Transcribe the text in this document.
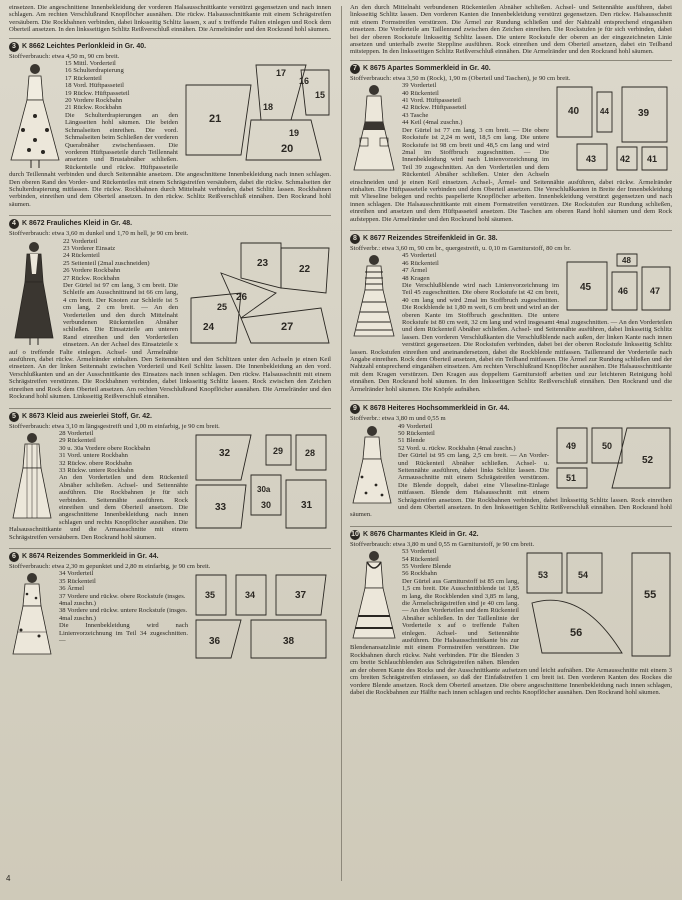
einsetzen. Die angeschnittene Innenbekleidung der vorderen Halsausschnittkante verstürzt gegensetzen und nach innen schlagen. Am rechten Verschlußrand Knopflöcher ausnähen. Die rückw. Halsausschnittkante mit einem Schrägstreifen versäubern. Die Rockbahnen verbinden, dabei linksseitig Schlitz lassen, x auf x treffende Falten einlegen und Rock dem Oberteil ansetzen. In den linksseitigen Schlitz Reißverschluß einnähen. Die Armelränder und den Rockrand hohl säumen.

3 K 8662 Leichtes Perlonkleid in Gr. 40.
Stoffverbrauch: etwa 4,50 m, 90 cm breit.
17
16
15
18
19
21
20
15 Mittl. Vorderteil
16 Schulterdrapierung
17 Rückenteil
18 Vord. Hüftpasseteil
19 Rückw. Hüftpasseteil
20 Vordere Rockbahn
21 Rückw. Rockbahn

Die Schulterdrapierungen an den Längsseiten hohl säumen. Die beiden Schmalseiten einreihen. Die vord. Schmalseiten beim Schließen der vorderen Querabnäher zwischenfassen. Die vorderen Hüftpasseteile durch Teillennaht ansetzen und Brustabnäher schließen. Rückenteile und rückw. Hüftpasseteile durch Teillennaht verbinden und durch Seitennähte ansetzen. Die angeschnittene Innenbekleidung nach innen schlagen. Den oberen Rand des Vorder- und Rückenteiles mit einem Schrägstreifen versäubern, dabei die rückw. Schmalseiten der Schulterdrapierung mitfassen. Die rückw. Rockbahnen durch Mittelnaht verbinden, dabei Schlitz lassen. Rockbahnen verbinden, einreihen und dem Oberteil ansetzen. In den rückw. Schlitz Reißverschluß einnähen. Den Rockrand hohl säumen.

4 K 8672 Frauliches Kleid in Gr. 48.
Stoffverbrauch: etwa 3,60 m dunkel und 1,70 m hell, je 90 cm breit.
23
22
26
25
24	27
22 Vorderteil
23 Vorderer Einsatz
24 Rückenteil
25 Seitenteil (2mal zuschneiden)
26 Vordere Rockbahn
27 Rückw. Rockbahn

Der Gürtel ist 97 cm lang, 3 cm breit. Die Schleife am Ausschnittrand ist 66 cm lang, 4 cm breit. Der Knoten zur Schleife ist 5 cm lang, 2 cm breit. — An den Vorderteilen und den durch Mittelnaht verbundenen Rückenteilen Abnäher schließen. Die Einsatzteile am unteren Rand einreihen und den Vorderteilen einsetzen. An der Achsel des Einsatzteile x auf o treffende Falte einlegen. Achsel- und Ärmelnähte ausführen, dabei rückw. Ärmelränder einhalten. Den Seitennähten und den Schlitzen unter den Achseln je einen Keil einsetzen. An der linken Seitennaht zwischen Vorderteil und Keil Schlitz lassen. Die Innenbekleidung an den vord. Verschlußkanten und an der Ausschnittkante des Einsatzes nach innen schlagen. Den rückw. Halsausschnitt mit einem Schrägstreifen verstürzen. Die Rockbahnen verbinden, dabei linksseitig Schlitz lassen. Rock zwischen den Zeichen einreihen und Rock dem Oberteil ansetzen. Am rechten Verschlußrand Knopflöcher ausnähen. Die Armelränder und den Rockrand hohl säumen. Linksseitig Reißverschluß einnähen.

5 K 8673 Kleid aus zweierlei Stoff, Gr. 42.
Stoffverbrauch: etwa 3,10 m längsgestreift und 1,00 m einfarbig, je 90 cm breit.
32	29 28
33
30a
30	31
28 Vorderteil
29 Rückenteil
30 u. 30a Vordere obere Rockbahn
31 Vord. untere Rockbahn
32 Rückw. obere Rockbahn
33 Rückw. untere Rockbahn

An den Vorderteilen und dem Rückenteil Abnäher schließen. Achsel- und Seitennähte ausführen. Die Rockbahnen je für sich verbinden. Seitennähte ausführen. Rock einreihen und dem Oberteil ansetzen. Die angeschnittene Innenbekleidung nach innen schlagen und rechts Knopflöcher ausnähen. Die Halsausschnittkante und die Armausschnitte mit einem Schrägstreifen versäubern. Den Rockrand hohl säumen.

6 K 8674 Reizendes Sommerkleid in Gr. 44.
Stoffverbrauch: etwa 2,30 m gepunktet und 2,80 m einfarbig, je 90 cm breit.
35	34	37
36	38
34 Vorderteil
35 Rückenteil
36 Ärmel
37 Vordere und rückw. obere Rockstufe (insges. 4mal zuschn.)
38 Vordere und rückw. untere Rockstufe (insges. 4mal zuschn.)

Die Innenbekleidung wird nach Linienvorzeichnung im Teil 34 zugeschnitten. —

An den durch Mittelnaht verbundenen Rückenteilen Abnäher schließen. Achsel- und Seitennähte ausführen, dabei linksseitig Schlitz lassen. Den vorderen Kanten die Innenbekleidung verstürzt gegensetzen. Den rückw. Halsausschnitt mit einem Formstreifen verstürzen. Die Ärmel zur Rundung schließen und der Nahtzahl entsprechend einganähen einsetzen. Die Vorderteile am Taillenrand zwischen den Zeichen einreihen. Die Rockstufen je für sich verbinden, dabei bei der oberen Rockstufe linksseitig Schlitz lassen. Die untere Rockstufe der oberen an der eingezeichneten Linie ansetzen und unterhalb zweite Steppline ausführen. Rock einreihen und dem Oberteil ansetzen, dabei ein Teilband mitsteppen. In den linksseitigen Schlitz Reißverschluß einnähen. Die Armelränder und den Rockrand hohl säumen.

7 K 8675 Apartes Sommerkleid in Gr. 40.
Stoffverbrauch: etwa 3,50 m (Rock), 1,90 m (Oberteil und Taschen), je 90 cm breit.
40	44	39
43	42 41
39 Vorderteil
40 Rückenteil
41 Vord. Hüftpasseteil
42 Rückw. Hüftpasseteil
43 Tasche
44 Keil (4mal zuschn.)

Der Gürtel ist 77 cm lang, 3 cm breit. — Die obere Rockstufe ist 2,24 m weit, 18,5 cm lang. Die untere Rockstufe ist 98 cm breit und 48,5 cm lang und wird 2mal im Stoffbruch zugeschnitten. — Die Innenbekleidung wird nach Linienvorzeichnung im Teil 39 zugeschnitten. An den Vorderteilen und dem Rückenteil Abnäher schließen. Unter den Achseln einschneiden und je einen Keil einsetzen. Achsel-, Ärmel- und Seitennähte ausführen, dabei rückw. Ärmelränder einhalten. Die Hüftpasseteile verbinden und dem Oberteil ansetzen. Die Verschlußkanten in Breite der Innenbekleidung mit Vlieseline belegen und rechts paspelierte Knopflöcher arbeiten. Innenbekleidung verstürzt gegensetzen und nach innen schlagen. Die Halsausschnittkante mit einem Formstreifen verstürzen. Die Rockstufen zur Rundung schließen, einreihen und ansetzen und dem Hüftpasseteil ansetzen. Die Taschen am oberen Rand hohl säumen und dem Rock aufsteppen. Die Armelränder und den Rockrand hohl säumen.

8 K 8677 Reizendes Streifenkleid in Gr. 38.
Stoffverbr.: etwa 3,60 m, 90 cm br., quergestreift, u. 0,10 m Garniturstoff, 80 cm br.
48
45	46 47
45 Vorderteil
46 Rückenteil
47 Ärmel
48 Kragen

Die Verschlußblende wird nach Linienvorzeichnung im Teil 45 zugeschnitten. Die obere Rockstufe ist 42 cm breit, 40 cm lang und wird 2mal im Stoffbruch zugeschnitten. Die Rockblende ist 1,80 m weit, 6 cm breit und wird an der oberen Kante im Stoffbruch geschnitten. Die untere Rockstufe ist 80 cm weit, 32 cm lang und wird insgesamt 4mal zugeschnitten. — An den Vorderteilen und dem Rückenteil Abnäher schließen. Achsel- und Seitennähte ausführen, dabei linksseitig Schlitz lassen. Den vorderen Verschlußkanten die Verschlußblende nach außen, der linken Kante nach innen verstürzt gegensetzen. Die Rockstufen verbinden, dabei bei der oberen Rockstufe linksseitig Schlitz lassen. Rockstufen einreihen und aneinandersetzen, dabei die Rockblende mitfassen. Taillenrand der Vorderteile nach Angabe einreihen. Rock dem Oberteil ansetzen, dabei ein Teilband mitfassen. Die Ärmel zur Rundung schließen und der Nahtzahl entsprechend einganähen einsetzen. Am rechten Verschlußrand Knopflöcher ausnähen. Die Halsausschnittkante mit dem Kragen verstürzen. Den Kragen aus doppeltem Garniturstoff arbeiten und zur leichteren Reinigung hohl einnähen. Den Rockrand hohl säumen. In den linksseitigen Schlitz Reißverschluß einnähen. Den Rockrand und die Ärmelränder hohl säumen. Die Knöpfe aufnähen.

9 K 8678 Heiteres Hochsommerkleid in Gr. 44.
Stoffverbr.: etwa 3,80 m und 0,55 m
49	50
51
52
49 Vorderteil
50 Rückenteil
51 Blende
52 Vord. u. rückw. Rockbahn (4mal zuschn.)

Der Gürtel ist 95 cm lang, 2,5 cm breit. — An Vorder- und Rückenteil Abnäher schließen. Achsel- u. Seitennähte ausführen, dabei links Schlitz lassen. Die Armausschnitte mit einem Schrägstreifen verstürzen. Die Blende doppelt, dabei eine Vlieseline-Einlage mitfassen. Blende dem Halsausschnitt mit einem Schrägstreifen ansetzen. Die Rockbahnen verbinden, dabei linksseitig Schlitz lassen. Rock einreihen und dem Oberteil ansetzen. In den linksseitigen Schlitz Reißverschluß einnähen. Den Rockrand hohl säumen.

10 K 8676 Charmantes Kleid in Gr. 42.
Stoffverbrauch: etwa 3,80 m und 0,55 m Garniturstoff, je 90 cm breit.
53	54
56
55
53 Vorderteil
54 Rückenteil
55 Vordere Blende
56 Rockbahn

Der Gürtel aus Garniturstoff ist 85 cm lang, 1,5 cm breit. Die Ausschnittblende ist 1,85 m lang, die Rockblenden sind 3,85 m lang, die Ärmelschrägstreifen sind je 40 cm lang. — An den Vorderteilen und dem Rückenteil Abnäher schließen. In der Taillenlinie der Vorderteile x auf o treffende Falten einlegen. Achsel- und Seitennähte ausführen. Die Halsausschnittkante bis zur Blendenansatzlinie mit einem Formstreifen verstürzen. Die Rockbahnen durch rückw. Naht verbinden. Für die Blenden 3 cm breite Schlauchblenden aus Schrägstreifen nähen. Blenden an der oberen Kante des Rocks und der Ausschnittkante aufsetzen und leicht aufnähen. Die Armausschnitte mit einem 3 cm breiten Schrägstreifen einfassen, so daß der Einfaßstreifen 1 cm breit ist. Den vorderen Kanten des Rockes die vordere Blende ansetzen. Rock dem Oberteil ansetzen. Die obere angeschnittene Innenbekleidung nach innen schlagen, dabei die Rockbahnen zur Hälfte nach innen schlagen und rechts Knopflöcher ausnähen. Den Rockrand hohl säumen.

4
